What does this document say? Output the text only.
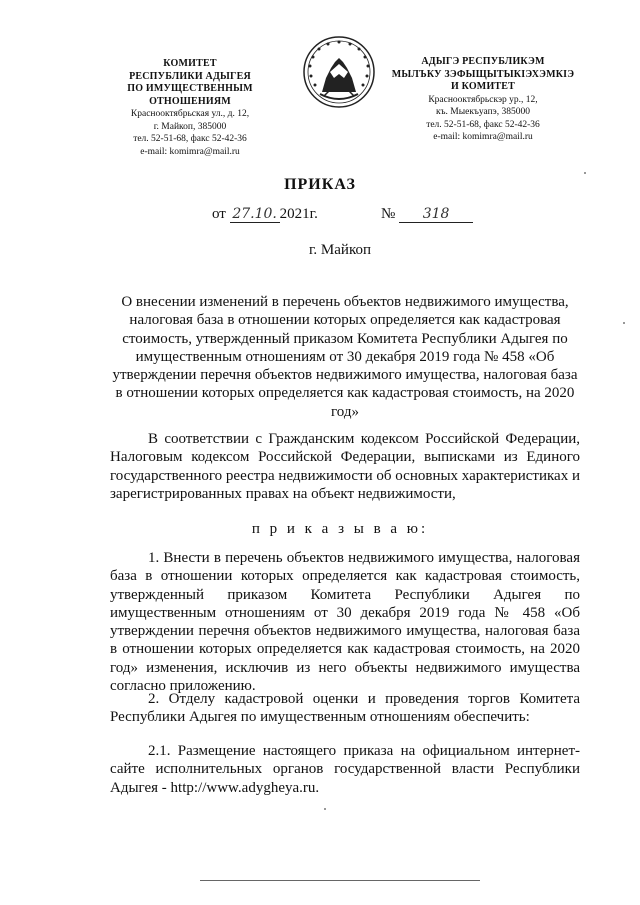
КОМИТЕТ
РЕСПУБЛИКИ АДЫГЕЯ
ПО ИМУЩЕСТВЕННЫМ ОТНОШЕНИЯМ
Краснооктябрьская ул., д. 12,
г. Майкоп, 385000
тел. 52-51-68, факс 52-42-36
e-mail: komimra@mail.ru
АДЫГЭ РЕСПУБЛИКЭМ
МЫЛЪКУ ЗЭФЫЩЫТЫКIЭХЭМКIЭ
И КОМИТЕТ
Краснооктябрьскэр ур., 12,
къ. Мыекъуапэ, 385000
тел. 52-51-68, факс 52-42-36
e-mail: komimra@mail.ru
ПРИКАЗ
от 27.10. 2021г.	№ 318
г. Майкоп
О внесении изменений в перечень объектов недвижимого имущества, налоговая база в отношении которых определяется как кадастровая стоимость, утвержденный приказом Комитета Республики Адыгея по имущественным отношениям от 30 декабря 2019 года № 458 «Об утверждении перечня объектов недвижимого имущества, налоговая база в отношении которых определяется как кадастровая стоимость, на 2020 год»
В соответствии с Гражданским кодексом Российской Федерации, Налоговым кодексом Российской Федерации, выписками из Единого государственного реестра недвижимости об основных характеристиках и зарегистрированных правах на объект недвижимости,
п р и к а з ы в а ю:
1. Внести в перечень объектов недвижимого имущества, налоговая база в отношении которых определяется как кадастровая стоимость, утвержденный приказом Комитета Республики Адыгея по имущественным отношениям от 30 декабря 2019 года № 458 «Об утверждении перечня объектов недвижимого имущества, налоговая база в отношении которых определяется как кадастровая стоимость, на 2020 год» изменения, исключив из него объекты недвижимого имущества согласно приложению.
2. Отделу кадастровой оценки и проведения торгов Комитета Республики Адыгея по имущественным отношениям обеспечить:
2.1. Размещение настоящего приказа на официальном интернет-сайте исполнительных органов государственной власти Республики Адыгея - http://www.adygheya.ru.
